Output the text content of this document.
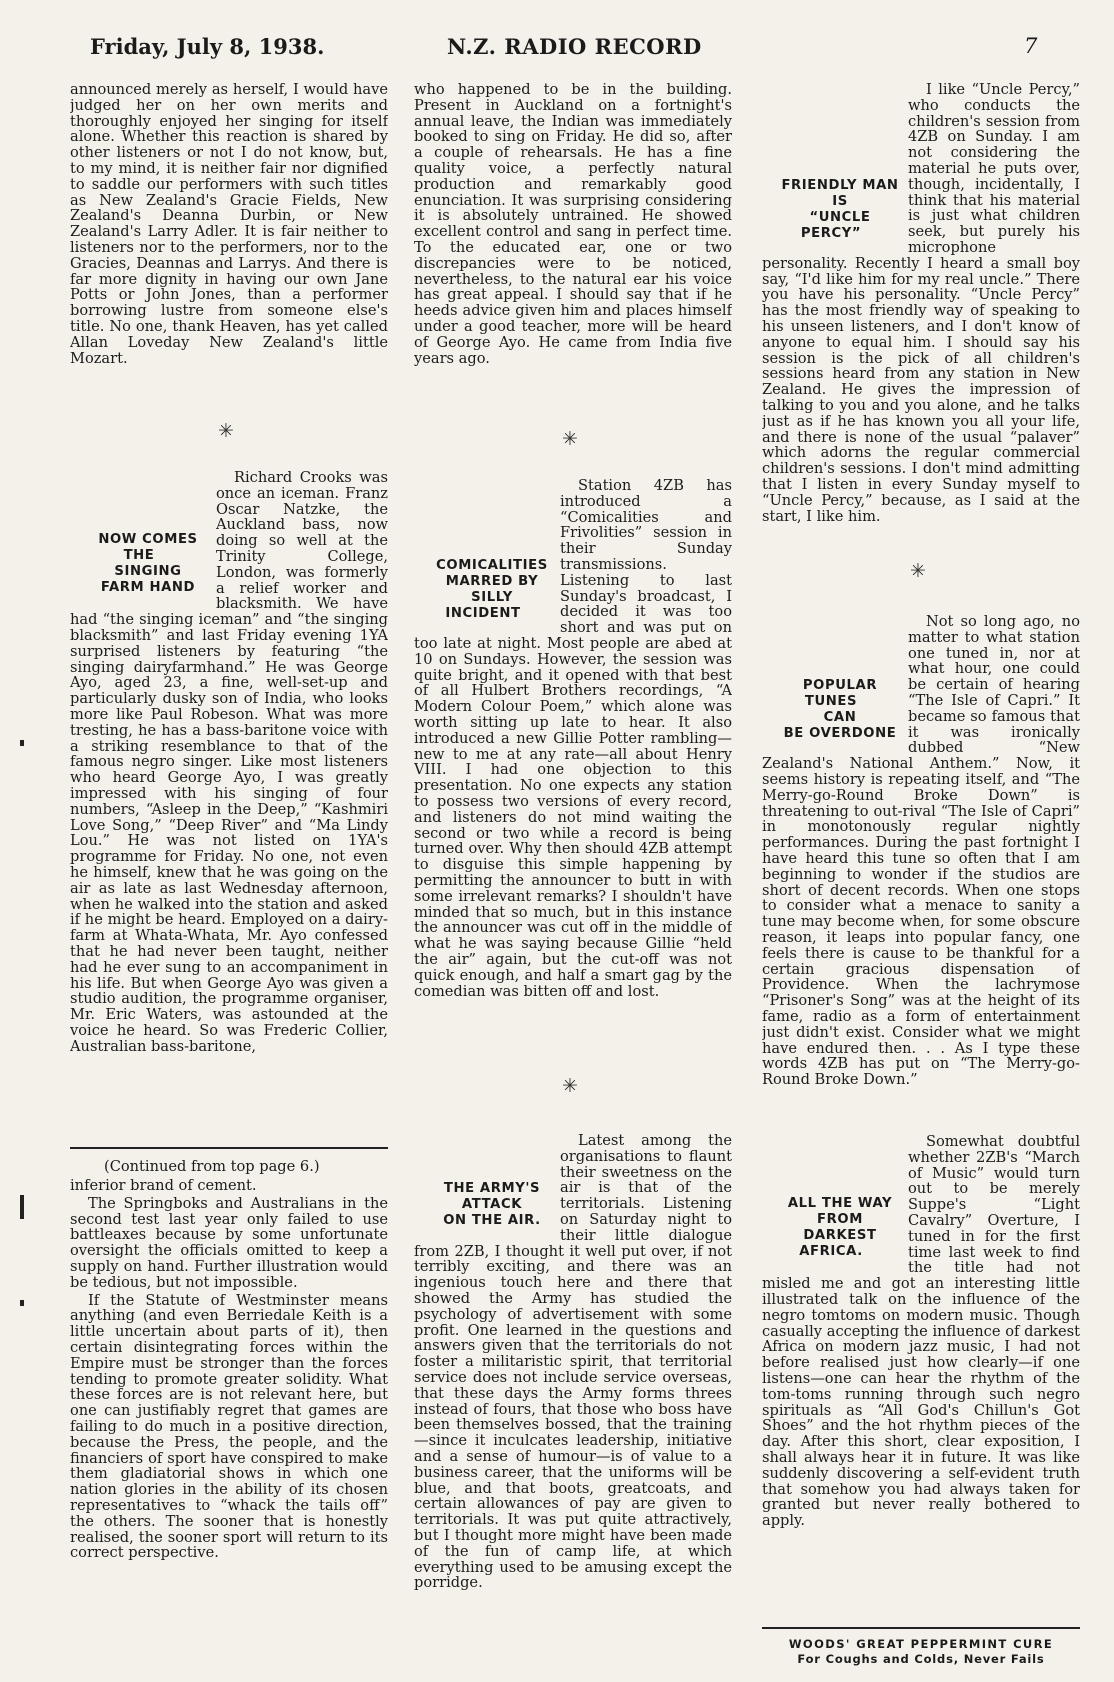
Friday, July 8, 1938.	N.Z. RADIO RECORD	7

announced merely as herself, I would have judged her on her own merits and thoroughly enjoyed her singing for itself alone. Whether this reaction is shared by other listeners or not I do not know, but, to my mind, it is neither fair nor dignified to saddle our performers with such titles as New Zealand's Gracie Fields, New Zealand's Deanna Durbin, or New Zealand's Larry Adler. It is fair neither to listeners nor to the performers, nor to the Gracies, Deannas and Larrys. And there is far more dignity in having our own Jane Potts or John Jones, than a performer borrowing lustre from someone else's title. No one, thank Heaven, has yet called Allan Loveday New Zealand's little Mozart.

✳

NOW COMES THE
SINGING
FARM HAND
Richard Crooks was once an iceman. Franz Oscar Natzke, the Auckland bass, now doing so well at the Trinity College, London, was formerly a relief worker and blacksmith. We have had “the singing iceman” and “the singing blacksmith” and last Friday evening 1YA surprised listeners by featuring “the singing dairyfarmhand.” He was George Ayo, aged 23, a fine, well-set-up and particularly dusky son of India, who looks more like Paul Robeson. What was more tresting, he has a bass-baritone voice with a striking resemblance to that of the famous negro singer. Like most listeners who heard George Ayo, I was greatly impressed with his singing of four numbers, “Asleep in the Deep,” “Kashmiri Love Song,” “Deep River” and “Ma Lindy Lou.” He was not listed on 1YA's programme for Friday. No one, not even he himself, knew that he was going on the air as late as last Wednesday afternoon, when he walked into the station and asked if he might be heard. Employed on a dairy-farm at Whata-Whata, Mr. Ayo confessed that he had never been taught, neither had he ever sung to an accompaniment in his life. But when George Ayo was given a studio audition, the programme organiser, Mr. Eric Waters, was astounded at the voice he heard. So was Frederic Collier, Australian bass-baritone,

(Continued from top page 6.)

inferior brand of cement.

The Springboks and Australians in the second test last year only failed to use battleaxes because by some unfortunate oversight the officials omitted to keep a supply on hand. Further illustration would be tedious, but not impossible.

If the Statute of Westminster means anything (and even Berriedale Keith is a little uncertain about parts of it), then certain disintegrating forces within the Empire must be stronger than the forces tending to promote greater solidity. What these forces are is not relevant here, but one can justifiably regret that games are failing to do much in a positive direction, because the Press, the people, and the financiers of sport have conspired to make them gladiatorial shows in which one nation glories in the ability of its chosen representatives to “whack the tails off” the others. The sooner that is honestly realised, the sooner sport will return to its correct perspective.

who happened to be in the building. Present in Auckland on a fortnight's annual leave, the Indian was immediately booked to sing on Friday. He did so, after a couple of rehearsals. He has a fine quality voice, a perfectly natural production and remarkably good enunciation. It was surprising considering it is absolutely untrained. He showed excellent control and sang in perfect time. To the educated ear, one or two discrepancies were to be noticed, nevertheless, to the natural ear his voice has great appeal. I should say that if he heeds advice given him and places himself under a good teacher, more will be heard of George Ayo. He came from India five years ago.

✳

COMICALITIES
MARRED BY
SILLY INCIDENT
Station 4ZB has introduced a “Comicalities and Frivolities” session in their Sunday transmissions. Listening to last Sunday's broadcast, I decided it was too short and was put on too late at night. Most people are abed at 10 on Sundays. However, the session was quite bright, and it opened with that best of all Hulbert Brothers recordings, “A Modern Colour Poem,” which alone was worth sitting up late to hear. It also introduced a new Gillie Potter rambling—new to me at any rate—all about Henry VIII. I had one objection to this presentation. No one expects any station to possess two versions of every record, and listeners do not mind waiting the second or two while a record is being turned over. Why then should 4ZB attempt to disguise this simple happening by permitting the announcer to butt in with some irrelevant remarks? I shouldn't have minded that so much, but in this instance the announcer was cut off in the middle of what he was saying because Gillie “held the air” again, but the cut-off was not quick enough, and half a smart gag by the comedian was bitten off and lost.

✳

THE ARMY'S
ATTACK
ON THE AIR.
Latest among the organisations to flaunt their sweetness on the air is that of the territorials. Listening on Saturday night to their little dialogue from 2ZB, I thought it well put over, if not terribly exciting, and there was an ingenious touch here and there that showed the Army has studied the psychology of advertisement with some profit. One learned in the questions and answers given that the territorials do not foster a militaristic spirit, that territorial service does not include service overseas, that these days the Army forms threes instead of fours, that those who boss have been themselves bossed, that the training—since it inculcates leadership, initiative and a sense of humour—is of value to a business career, that the uniforms will be blue, and that boots, greatcoats, and certain allowances of pay are given to territorials. It was put quite attractively, but I thought more might have been made of the fun of camp life, at which everything used to be amusing except the porridge.

FRIENDLY MAN
IS
“UNCLE PERCY”
I like “Uncle Percy,” who conducts the children's session from 4ZB on Sunday. I am not considering the material he puts over, though, incidentally, I think that his material is just what children seek, but purely his microphone personality. Recently I heard a small boy say, “I'd like him for my real uncle.” There you have his personality. “Uncle Percy” has the most friendly way of speaking to his unseen listeners, and I don't know of anyone to equal him. I should say his session is the pick of all children's sessions heard from any station in New Zealand. He gives the impression of talking to you and you alone, and he talks just as if he has known you all your life, and there is none of the usual “palaver” which adorns the regular commercial children's sessions. I don't mind admitting that I listen in every Sunday myself to “Uncle Percy,” because, as I said at the start, I like him.

✳

POPULAR TUNES
CAN
BE OVERDONE
Not so long ago, no matter to what station one tuned in, nor at what hour, one could be certain of hearing “The Isle of Capri.” It became so famous that it was ironically dubbed “New Zealand's National Anthem.” Now, it seems history is repeating itself, and “The Merry-go-Round Broke Down” is threatening to out-rival “The Isle of Capri” in monotonously regular nightly performances. During the past fortnight I have heard this tune so often that I am beginning to wonder if the studios are short of decent records. When one stops to consider what a menace to sanity a tune may become when, for some obscure reason, it leaps into popular fancy, one feels there is cause to be thankful for a certain gracious dispensation of Providence. When the lachrymose “Prisoner's Song” was at the height of its fame, radio as a form of entertainment just didn't exist. Consider what we might have endured then. . . As I type these words 4ZB has put on “The Merry-go-Round Broke Down.”

ALL THE WAY
FROM
DARKEST AFRICA.
Somewhat doubtful whether 2ZB's “March of Music” would turn out to be merely Suppe's “Light Cavalry” Overture, I tuned in for the first time last week to find the title had not misled me and got an interesting little illustrated talk on the influence of the negro tomtoms on modern music. Though casually accepting the influence of darkest Africa on modern jazz music, I had not before realised just how clearly—if one listens—one can hear the rhythm of the tom-toms running through such negro spirituals as “All God's Chillun's Got Shoes” and the hot rhythm pieces of the day. After this short, clear exposition, I shall always hear it in future. It was like suddenly discovering a self-evident truth that somehow you had always taken for granted but never really bothered to apply.

WOODS' GREAT PEPPERMINT CURE
For Coughs and Colds, Never Fails
